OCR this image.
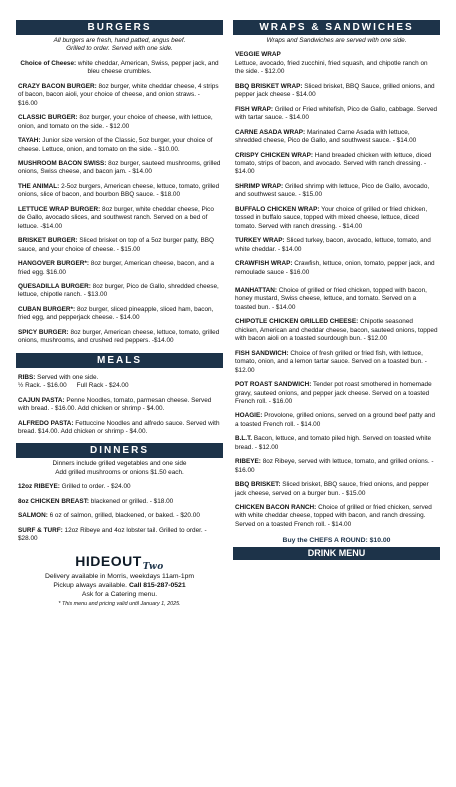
BURGERS
All burgers are fresh, hand patted, angus beef.
Grilled to order. Served with one side.
Choice of Cheese: white cheddar, American, Swiss, pepper jack, and bleu cheese crumbles.
CRAZY BACON BURGER: 8oz burger, white cheddar cheese, 4 strips of bacon, bacon aioli, your choice of cheese, and onion straws. - $16.00
CLASSIC BURGER: 8oz burger, your choice of cheese, with lettuce, onion, and tomato on the side. - $12.00
TAYAH: Junior size version of the Classic, 5oz burger, your choice of cheese. Lettuce, onion, and tomato on the side. - $10.00.
MUSHROOM BACON SWISS: 8oz burger, sauteed mushrooms, grilled onions, Swiss cheese, and bacon jam. - $14.00
THE ANIMAL: 2-5oz burgers, American cheese, lettuce, tomato, grilled onions, slice of bacon, and bourbon BBQ sauce. - $18.00
LETTUCE WRAP BURGER: 8oz burger, white cheddar cheese, Pico de Gallo, avocado slices, and southwest ranch. Served on a bed of lettuce. -$14.00
BRISKET BURGER: Sliced brisket on top of a 5oz burger patty, BBQ sauce, and your choice of cheese. - $15.00
HANGOVER BURGER*: 8oz burger, American cheese, bacon, and a fried egg. $16.00
QUESADILLA BURGER: 8oz burger, Pico de Gallo, shredded cheese, lettuce, chipotle ranch. - $13.00
CUBAN BURGER*: 8oz burger, sliced pineapple, sliced ham, bacon, fried egg, and pepperjack cheese. - $14.00
SPICY BURGER: 8oz burger, American cheese, lettuce, tomato, grilled onions, mushrooms, and crushed red peppers. -$14.00
MEALS
RIBS: Served with one side.
½ Rack. - $16.00 Full Rack - $24.00
CAJUN PASTA: Penne Noodles, tomato, parmesan cheese. Served with bread. - $16.00. Add chicken or shrimp - $4.00.
ALFREDO PASTA: Fettuccine Noodles and alfredo sauce. Served with bread. $14.00. Add chicken or shrimp - $4.00.
DINNERS
Dinners include grilled vegetables and one side
Add grilled mushrooms or onions $1.50 each.
12oz RIBEYE: Grilled to order. - $24.00
8oz CHICKEN BREAST: blackened or grilled. - $18.00
SALMON: 6 oz of salmon, grilled, blackened, or baked. - $20.00
SURF & TURF: 12oz Ribeye and 4oz lobster tail. Grilled to order. - $28.00
$HIDEOUT_{Two}$
Delivery available in Morris, weekdays 11am-1pm
Pickup always available. Call 815-287-0521
Ask for a Catering menu.
* This menu and pricing valid until January 1, 2025.
WRAPS & SANDWICHES
Wraps and Sandwiches are served with one side.
VEGGIE WRAP
Lettuce, avocado, fried zucchini, fried squash, and chipotle ranch on the side. - $12.00
BBQ BRISKET WRAP: Sliced brisket, BBQ Sauce, grilled onions, and pepper jack cheese - $14.00
FISH WRAP: Grilled or Fried whitefish, Pico de Gallo, cabbage. Served with tartar sauce. - $14.00
CARNE ASADA WRAP: Marinated Carne Asada with lettuce, shredded cheese, Pico de Gallo, and southwest sauce. - $14.00
CRISPY CHICKEN WRAP: Hand breaded chicken with lettuce, diced tomato, strips of bacon, and avocado. Served with ranch dressing. - $14.00
SHRIMP WRAP: Grilled shrimp with lettuce, Pico de Gallo, avocado, and southwest sauce. - $15.00
BUFFALO CHICKEN WRAP: Your choice of grilled or fried chicken, tossed in buffalo sauce, topped with mixed cheese, lettuce, diced tomato. Served with ranch dressing. - $14.00
TURKEY WRAP: Sliced turkey, bacon, avocado, lettuce, tomato, and white cheddar. - $14.00
CRAWFISH WRAP: Crawfish, lettuce, onion, tomato, pepper jack, and remoulade sauce - $16.00
MANHATTAN: Choice of grilled or fried chicken, topped with bacon, honey mustard, Swiss cheese, lettuce, and tornato. Served on a toasted bun. - $14.00
CHIPOTLE CHICKEN GRILLED CHEESE: Chipotle seasoned chicken, American and cheddar cheese, bacon, sauteed onions, topped with bacon aioli on a toasted sourdough bun. - $12.00
FISH SANDWICH: Choice of fresh grilled or fried fish, with lettuce, tomato, onion, and a lemon tartar sauce. Served on a toasted bun. - $12.00
POT ROAST SANDWICH: Tender pot roast smothered in homemade gravy, sauteed onions, and pepper jack cheese. Served on a toasted French roll. - $16.00
HOAGIE: Provolone, grilled onions, served on a ground beef patty and a toasted French roll. - $14.00
B.L.T. Bacon, lettuce, and tomato piled high. Served on toasted white bread. - $12.00
RIBEYE: 8oz Ribeye, served with lettuce, tomato, and grilled onions. - $16.00
BBQ BRISKET: Sliced brisket, BBQ sauce, fried onions, and pepper jack cheese, served on a burger bun. - $15.00
CHICKEN BACON RANCH: Choice of grilled or fried chicken, served with white cheddar cheese, topped with bacon, and ranch dressing. Served on a toasted French roll. - $14.00
Buy the CHEFS A ROUND: $10.00
DRINK MENU
